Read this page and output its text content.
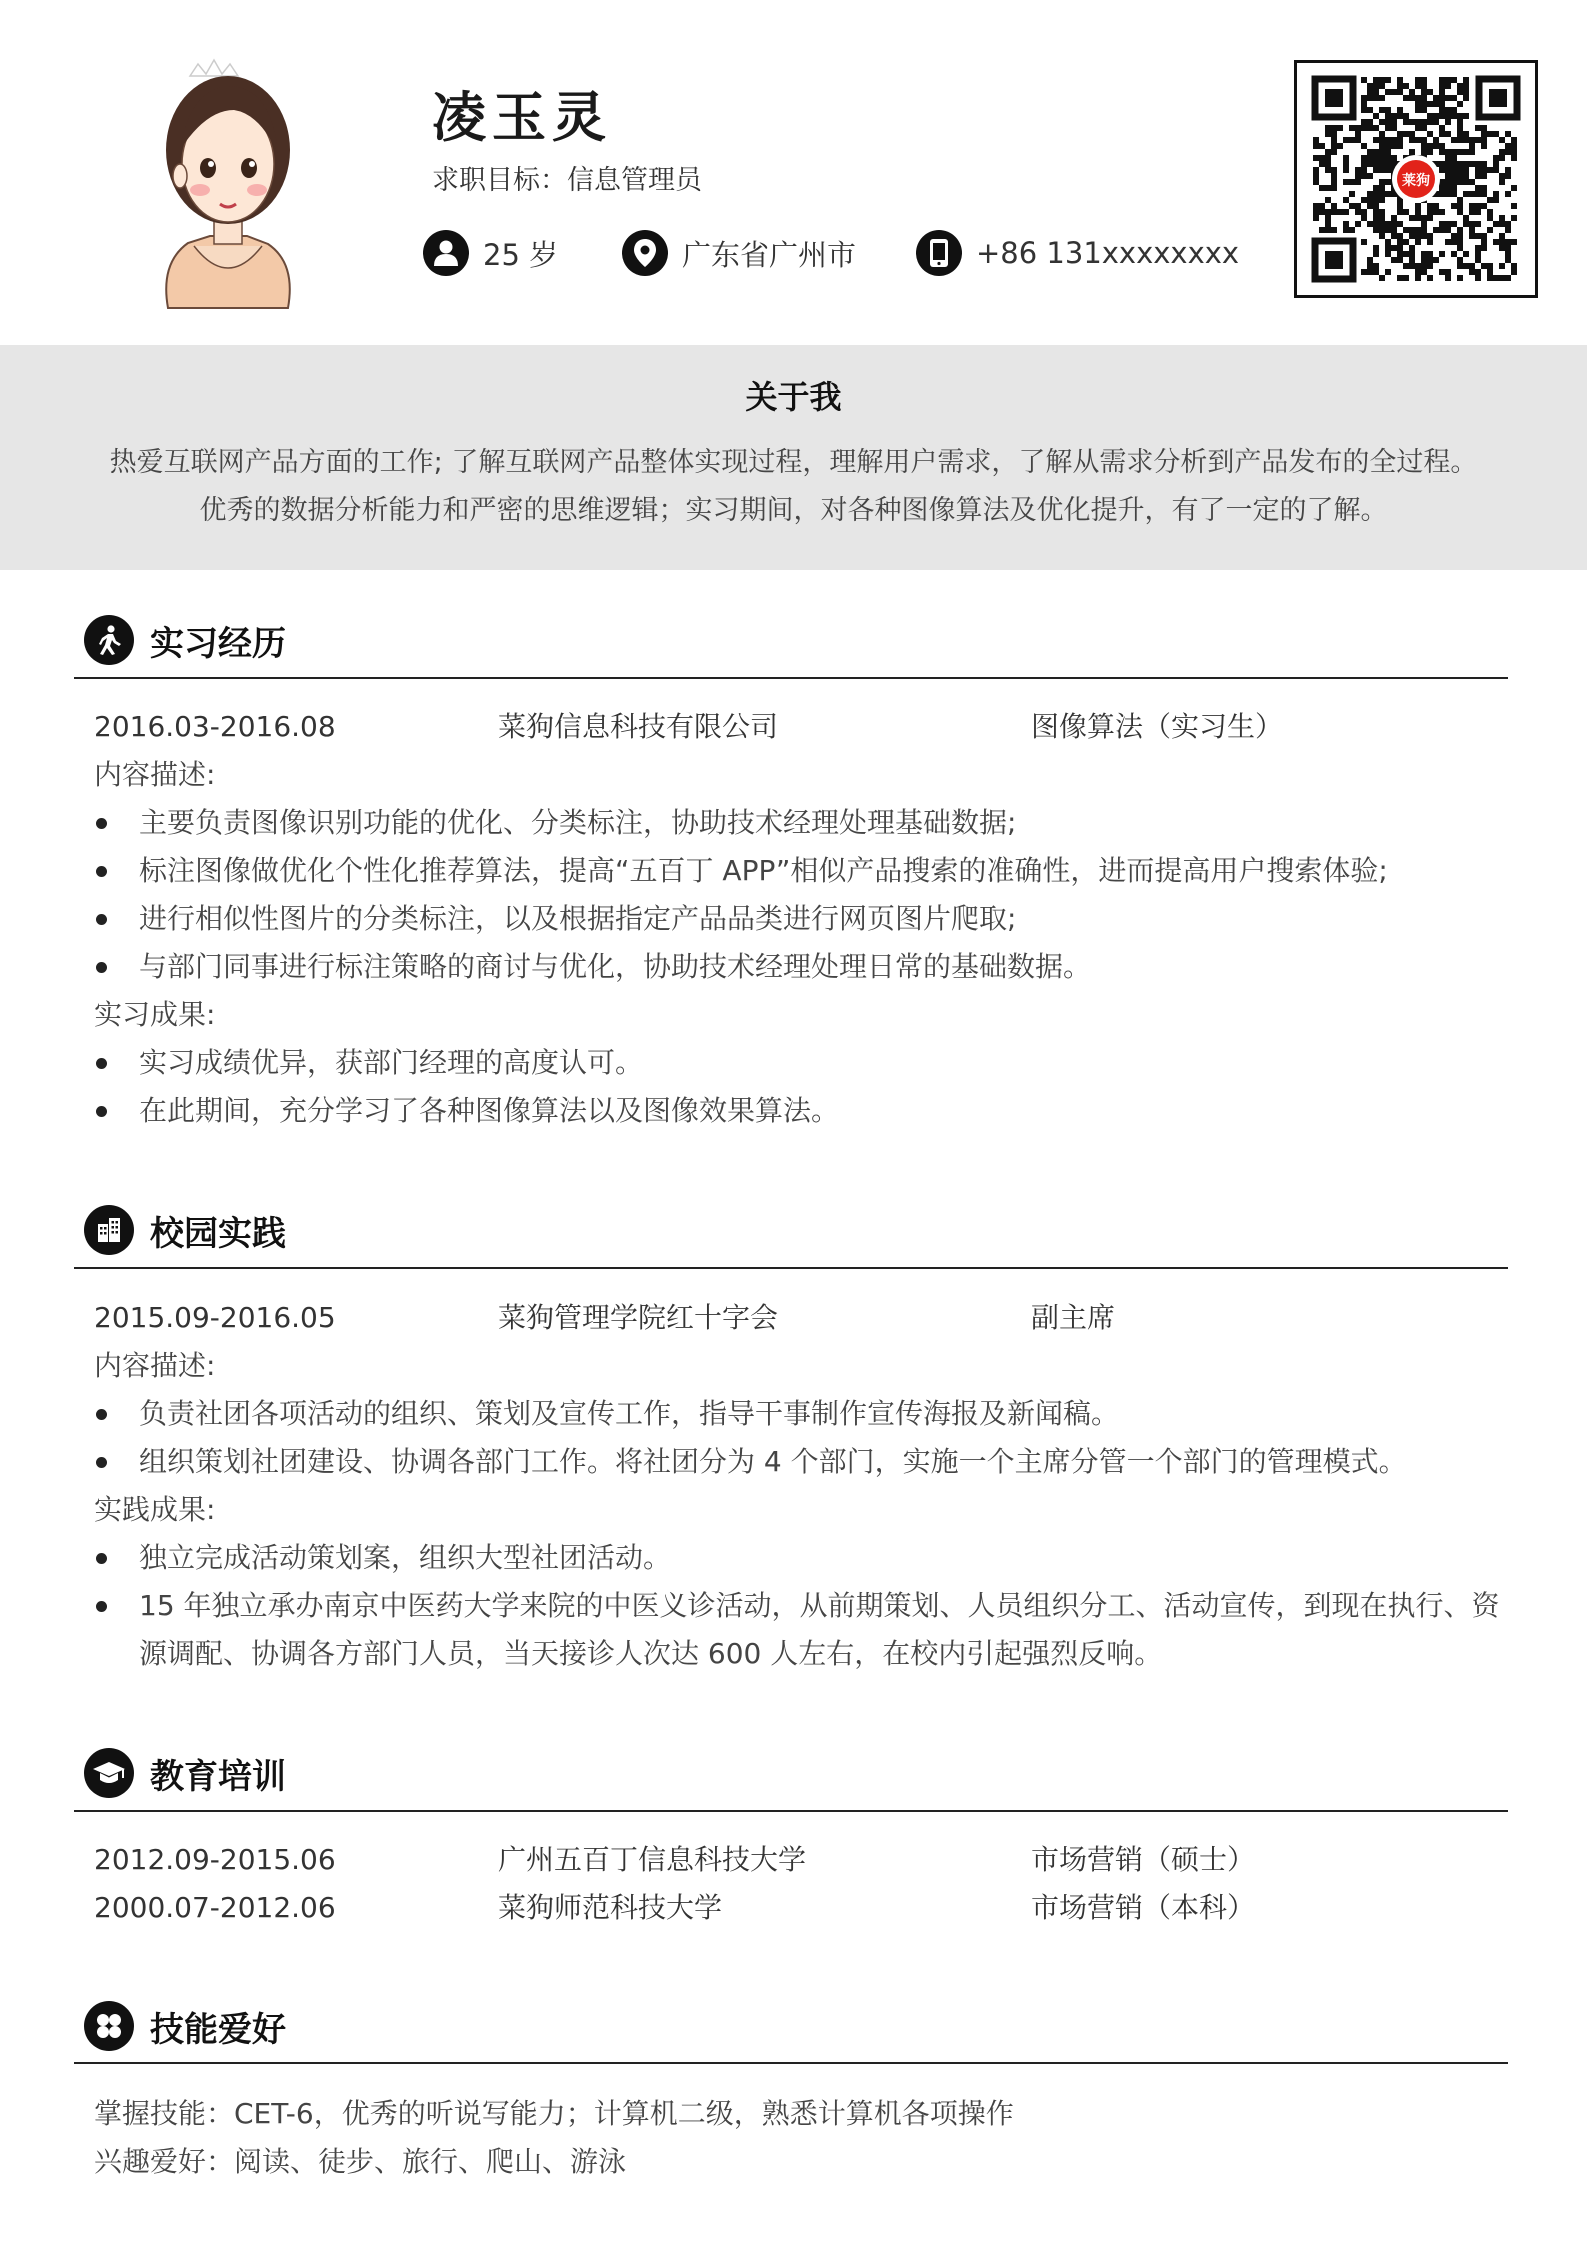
凌玉灵
求职目标：信息管理员
25 岁	广东省广州市	+86 131xxxxxxxx
莱狗
关于我
热爱互联网产品方面的工作; 了解互联网产品整体实现过程，理解用户需求，了解从需求分析到产品发布的全过程。
优秀的数据分析能力和严密的思维逻辑；实习期间，对各种图像算法及优化提升，有了一定的了解。
实习经历
2016.03-2016.08	菜狗信息科技有限公司	图像算法（实习生）
内容描述:
主要负责图像识别功能的优化、分类标注，协助技术经理处理基础数据;
标注图像做优化个性化推荐算法，提高“五百丁 APP”相似产品搜索的准确性，进而提高用户搜索体验;
进行相似性图片的分类标注，以及根据指定产品品类进行网页图片爬取;
与部门同事进行标注策略的商讨与优化，协助技术经理处理日常的基础数据。
实习成果:
实习成绩优异，获部门经理的高度认可。
在此期间，充分学习了各种图像算法以及图像效果算法。
校园实践
2015.09-2016.05	菜狗管理学院红十字会	副主席
内容描述:
负责社团各项活动的组织、策划及宣传工作，指导干事制作宣传海报及新闻稿。
组织策划社团建设、协调各部门工作。将社团分为 4 个部门，实施一个主席分管一个部门的管理模式。
实践成果:
独立完成活动策划案，组织大型社团活动。
15 年独立承办南京中医药大学来院的中医义诊活动，从前期策划、人员组织分工、活动宣传，到现在执行、资源调配、协调各方部门人员，当天接诊人次达 600 人左右，在校内引起强烈反响。
教育培训
2012.09-2015.06	广州五百丁信息科技大学	市场营销（硕士）
2000.07-2012.06	菜狗师范科技大学	市场营销（本科）
技能爱好
掌握技能：CET-6，优秀的听说写能力；计算机二级，熟悉计算机各项操作
兴趣爱好：阅读、徒步、旅行、爬山、游泳
